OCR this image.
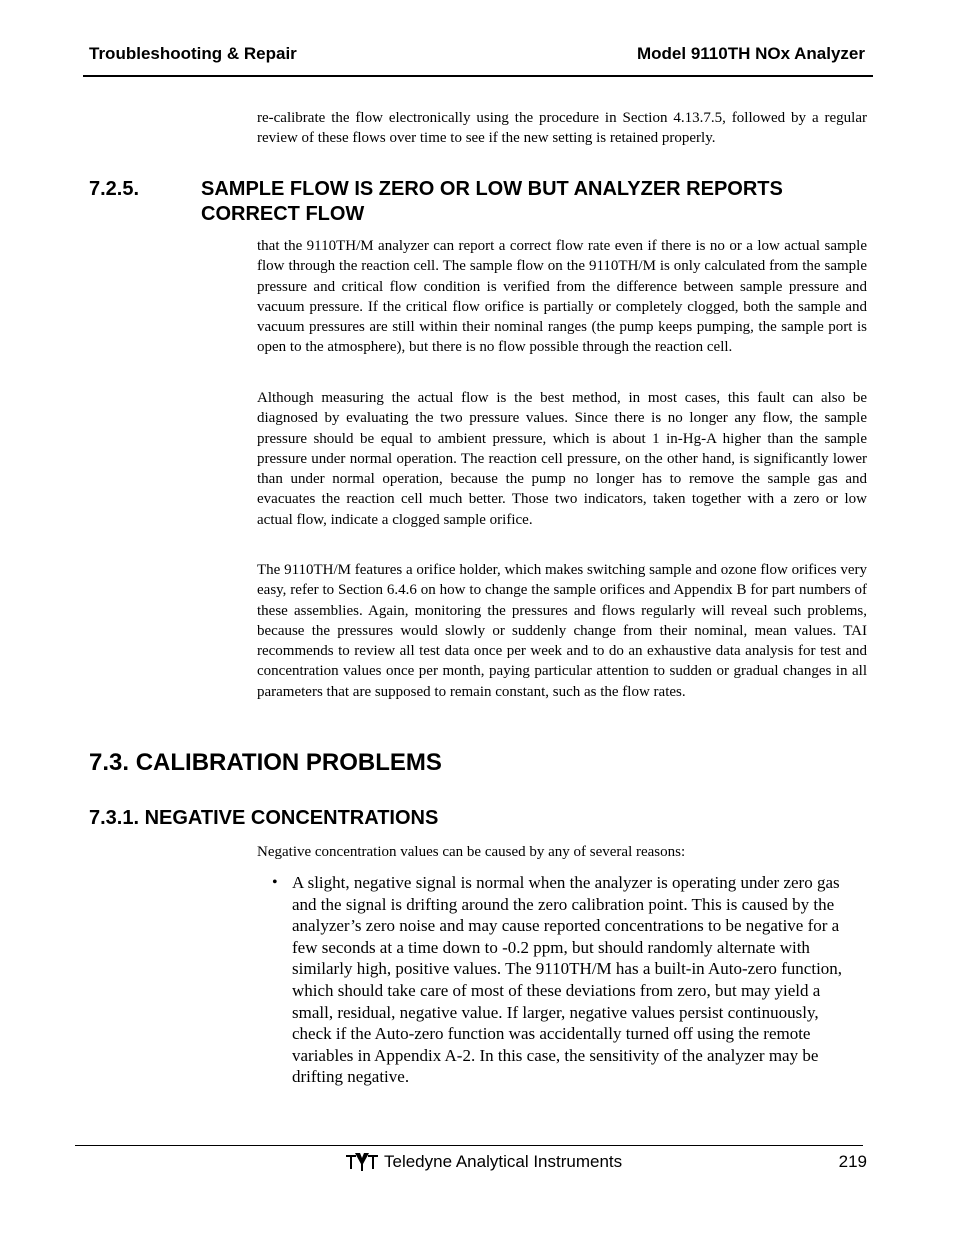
Troubleshooting & Repair	Model 9110TH NOx Analyzer

re-calibrate the flow electronically using the procedure in Section 4.13.7.5, followed by a regular review of these flows over time to see if the new setting is retained properly.

7.2.5.	SAMPLE FLOW IS ZERO OR LOW BUT ANALYZER REPORTS
CORRECT FLOW

that the 9110TH/M analyzer can report a correct flow rate even if there is no or a low actual sample flow through the reaction cell. The sample flow on the 9110TH/M is only calculated from the sample pressure and critical flow condition is verified from the difference between sample pressure and vacuum pressure. If the critical flow orifice is partially or completely clogged, both the sample and vacuum pressures are still within their nominal ranges (the pump keeps pumping, the sample port is open to the atmosphere), but there is no flow possible through the reaction cell.

Although measuring the actual flow is the best method, in most cases, this fault can also be diagnosed by evaluating the two pressure values. Since there is no longer any flow, the sample pressure should be equal to ambient pressure, which is about 1 in-Hg-A higher than the sample pressure under normal operation. The reaction cell pressure, on the other hand, is significantly lower than under normal operation, because the pump no longer has to remove the sample gas and evacuates the reaction cell much better. Those two indicators, taken together with a zero or low actual flow, indicate a clogged sample orifice.

The 9110TH/M features a orifice holder, which makes switching sample and ozone flow orifices very easy, refer to Section 6.4.6 on how to change the sample orifices and Appendix B for part numbers of these assemblies. Again, monitoring the pressures and flows regularly will reveal such problems, because the pressures would slowly or suddenly change from their nominal, mean values. TAI recommends to review all test data once per week and to do an exhaustive data analysis for test and concentration values once per month, paying particular attention to sudden or gradual changes in all parameters that are supposed to remain constant, such as the flow rates.

7.3. CALIBRATION PROBLEMS
7.3.1. NEGATIVE CONCENTRATIONS

Negative concentration values can be caused by any of several reasons:

• A slight, negative signal is normal when the analyzer is operating under zero gas and the signal is drifting around the zero calibration point. This is caused by the analyzer’s zero noise and may cause reported concentrations to be negative for a few seconds at a time down to -0.2 ppm, but should randomly alternate with similarly high, positive values. The 9110TH/M has a built-in Auto-zero function, which should take care of most of these deviations from zero, but may yield a small, residual, negative value. If larger, negative values persist continuously, check if the Auto-zero function was accidentally turned off using the remote variables in Appendix A-2. In this case, the sensitivity of the analyzer may be drifting negative.

Teledyne Analytical Instruments	219
